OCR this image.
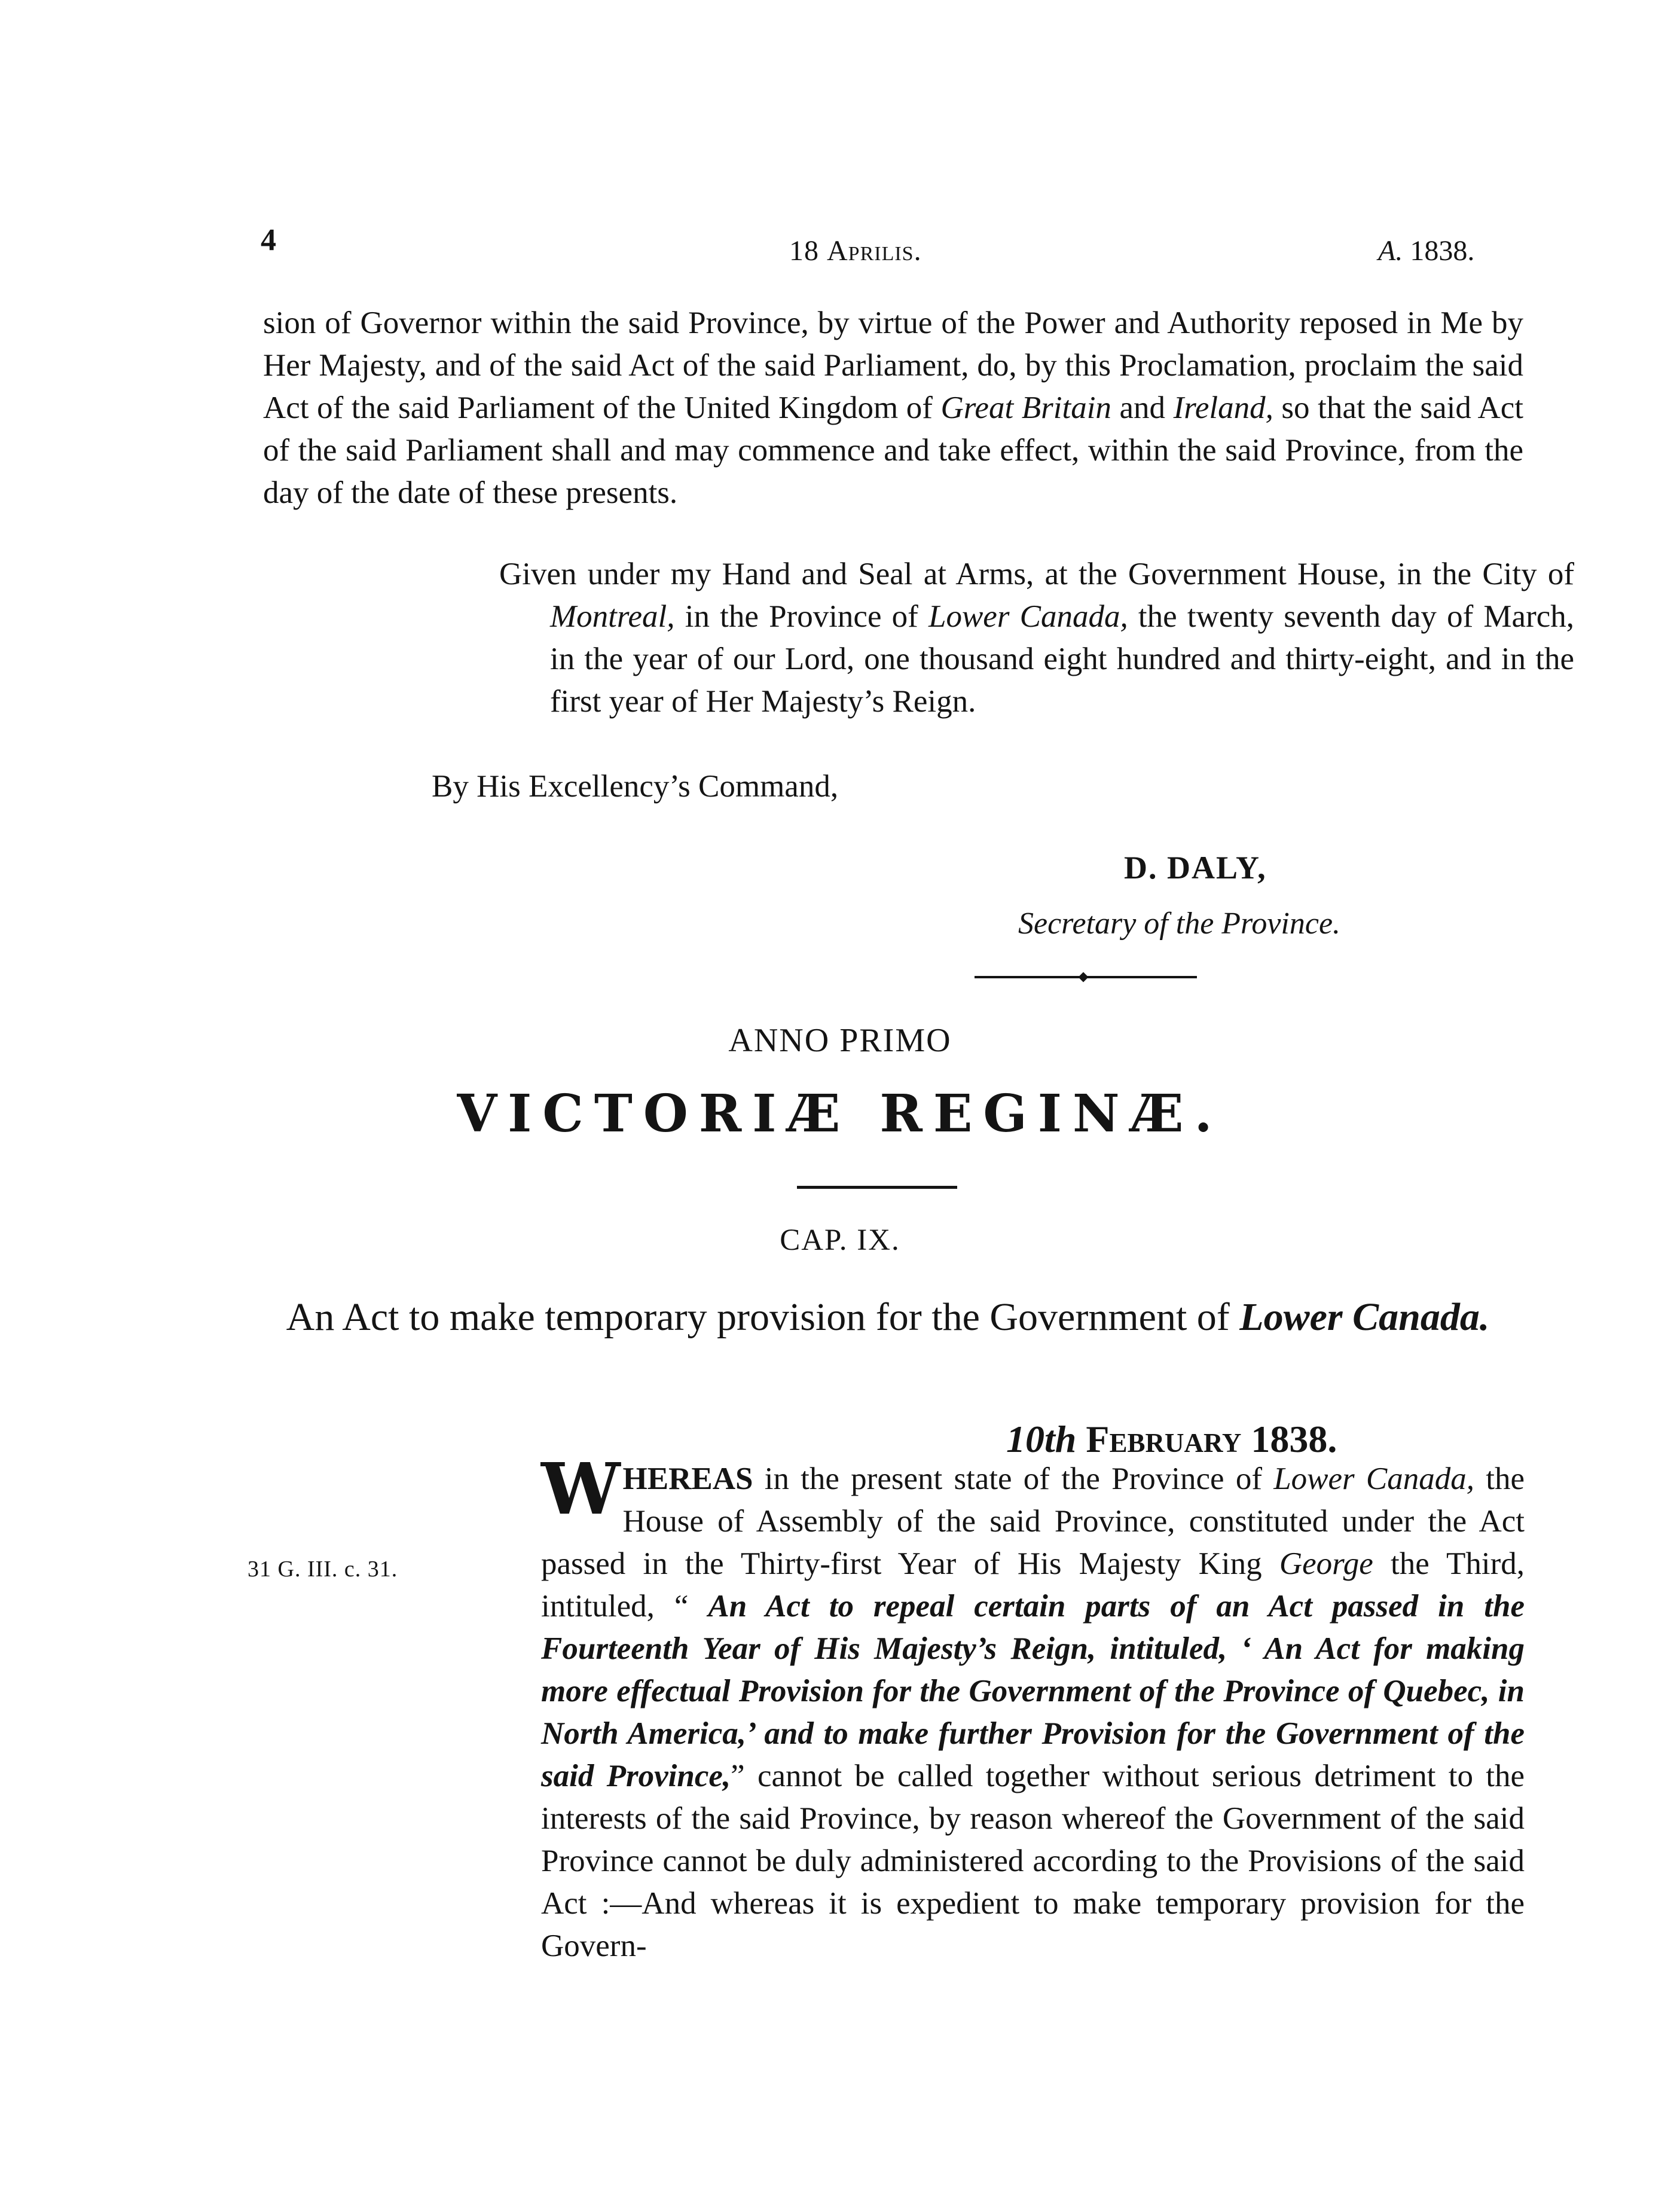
4	18 Aprilis.	A. 1838.
sion of Governor within the said Province, by virtue of the Power and Authority reposed in Me by Her Majesty, and of the said Act of the said Parliament, do, by this Proclamation, proclaim the said Act of the said Parliament of the United Kingdom of Great Britain and Ireland, so that the said Act of the said Parliament shall and may commence and take effect, within the said Province, from the day of the date of these presents.
Given under my Hand and Seal at Arms, at the Government House, in the City of Montreal, in the Province of Lower Canada, the twenty seventh day of March, in the year of our Lord, one thousand eight hundred and thirty-eight, and in the first year of Her Majesty’s Reign.
By His Excellency’s Command,
D. DALY,
Secretary of the Province.
ANNO PRIMO
VICTORIÆ REGINÆ.
CAP. IX.
An Act to make temporary provision for the Government of Lower Canada.
10th February 1838.
31 G. III. c. 31.
WHEREAS in the present state of the Province of Lower Canada, the House of Assembly of the said Province, constituted under the Act passed in the Thirty-first Year of His Majesty King George the Third, intituled, “ An Act to repeal certain parts of an Act passed in the Fourteenth Year of His Majesty’s Reign, intituled, ‘ An Act for making more effectual Provision for the Government of the Province of Quebec, in North America,’ and to make further Provision for the Government of the said Province,” cannot be called together without serious detriment to the interests of the said Province, by reason whereof the Government of the said Province cannot be duly administered according to the Provisions of the said Act :—And whereas it is expedient to make temporary provision for the Govern-
